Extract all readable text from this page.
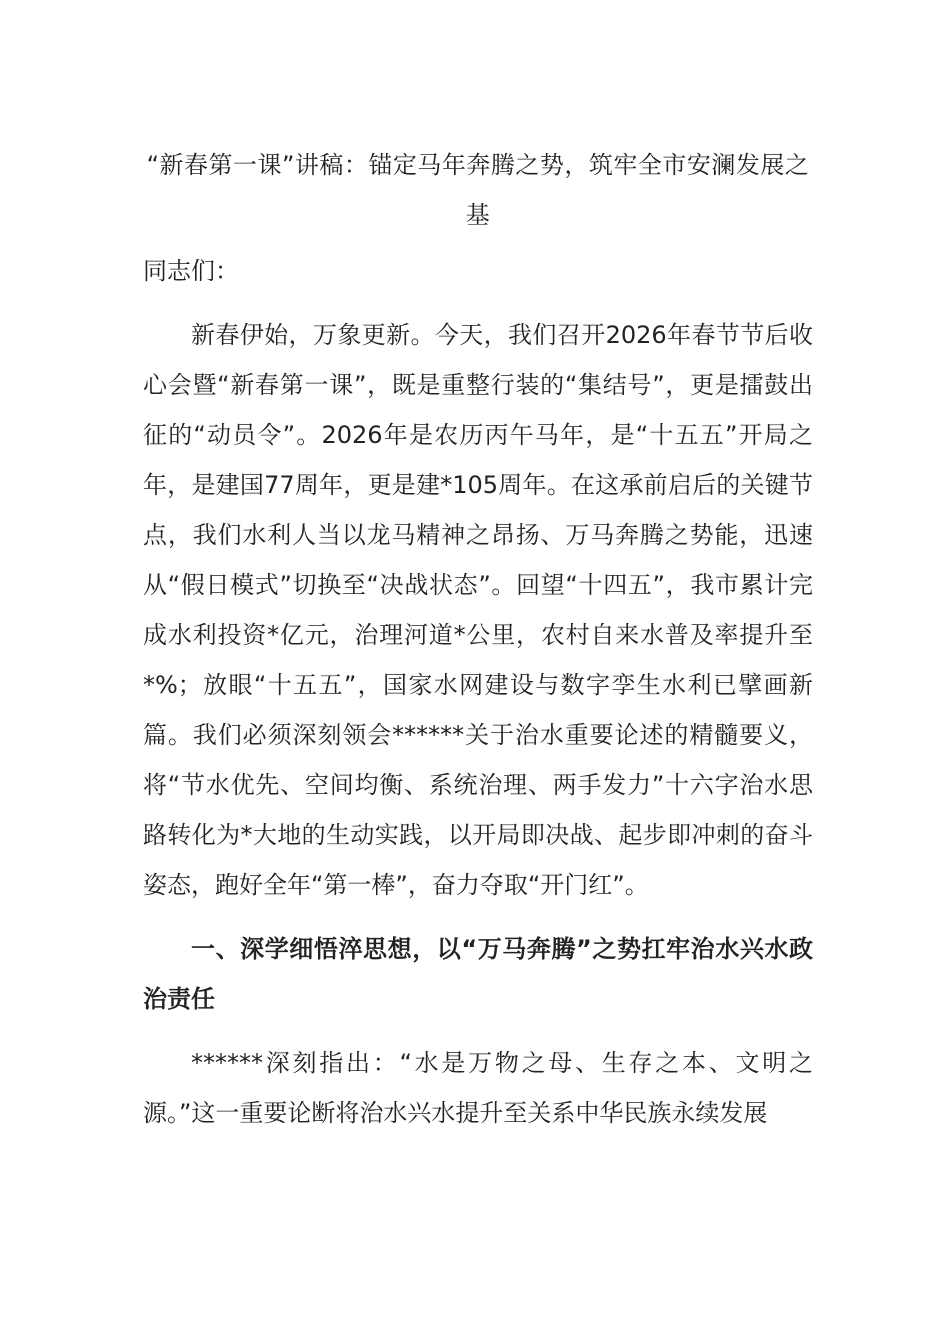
“新春第一课”讲稿：锚定马年奔腾之势，筑牢全市安澜发展之基

同志们：

新春伊始，万象更新。今天，我们召开2026年春节节后收心会暨“新春第一课”，既是重整行装的“集结号”，更是擂鼓出征的“动员令”。2026年是农历丙午马年，是“十五五”开局之年，是建国77周年，更是建*105周年。在这承前启后的关键节点，我们水利人当以龙马精神之昂扬、万马奔腾之势能，迅速从“假日模式”切换至“决战状态”。回望“十四五”，我市累计完成水利投资*亿元，治理河道*公里，农村自来水普及率提升至*%；放眼“十五五”，国家水网建设与数字孪生水利已擘画新篇。我们必须深刻领会******关于治水重要论述的精髓要义，将“节水优先、空间均衡、系统治理、两手发力”十六字治水思路转化为*大地的生动实践，以开局即决战、起步即冲刺的奋斗姿态，跑好全年“第一棒”，奋力夺取“开门红”。

一、深学细悟淬思想，以“万马奔腾”之势扛牢治水兴水政治责任

******深刻指出：“水是万物之母、生存之本、文明之源。”这一重要论断将治水兴水提升至关系中华民族永续发展
